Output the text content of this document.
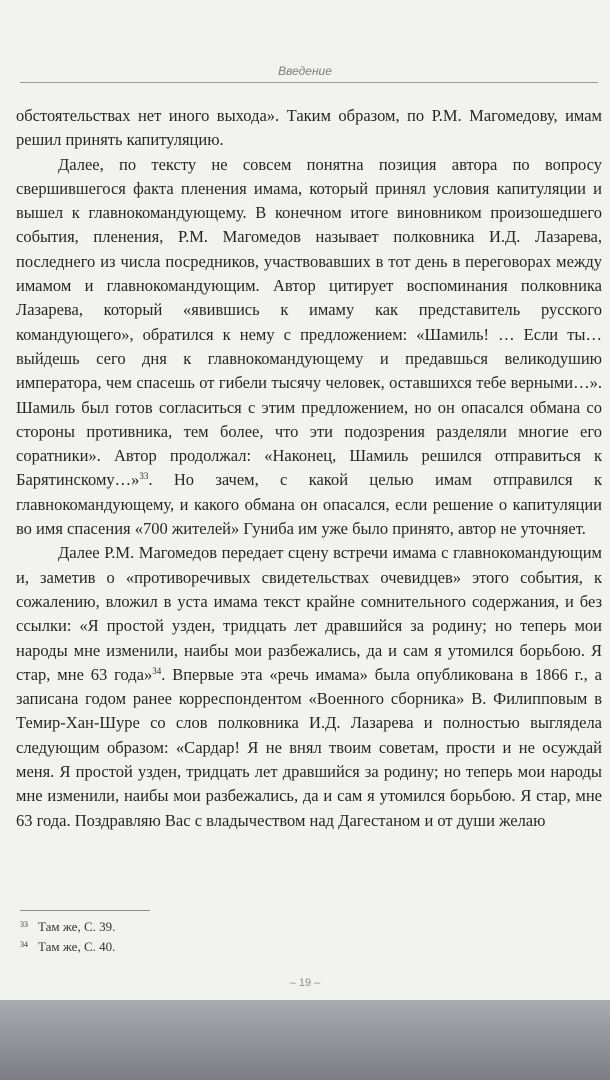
Введение

обстоятельствах нет иного выхода». Таким образом, по Р.М. Магомедову, имам решил принять капитуляцию.

Далее, по тексту не совсем понятна позиция автора по вопросу свершившегося факта пленения имама, который принял условия капитуляции и вышел к главнокомандующему. В конечном итоге виновником произошедшего события, пленения, Р.М. Магомедов называет полковника И.Д. Лазарева, последнего из числа посредников, участвовавших в тот день в переговорах между имамом и главнокомандующим. Автор цитирует воспоминания полковника Лазарева, который «явившись к имаму как представитель русского командующего», обратился к нему с предложением: «Шамиль! … Если ты… выйдешь сего дня к главнокомандующему и предавшься великодушию императора, чем спасешь от гибели тысячу человек, оставшихся тебе верными…». Шамиль был готов согласиться с этим предложением, но он опасался обмана со стороны противника, тем более, что эти подозрения разделяли многие его соратники». Автор продолжал: «Наконец, Шамиль решился отправиться к Барятинскому…»$^{33}$. Но зачем, с какой целью имам отправился к главнокомандующему, и какого обмана он опасался, если решение о капитуляции во имя спасения «700 жителей» Гуниба им уже было принято, автор не уточняет.

Далее Р.М. Магомедов передает сцену встречи имама с главнокомандующим и, заметив о «противоречивых свидетельствах очевидцев» этого события, к сожалению, вложил в уста имама текст крайне сомнительного содержания, и без ссылки: «Я простой узден, тридцать лет дравшийся за родину; но теперь мои народы мне изменили, наибы мои разбежались, да и сам я утомился борьбою. Я стар, мне 63 года»$^{34}$. Впервые эта «речь имама» была опубликована в 1866 г., а записана годом ранее корреспондентом «Военного сборника» В. Филипповым в Темир-Хан-Шуре со слов полковника И.Д. Лазарева и полностью выглядела следующим образом: «Сардар! Я не внял твоим советам, прости и не осуждай меня. Я простой узден, тридцать лет дравшийся за родину; но теперь мои народы мне изменили, наибы мои разбежались, да и сам я утомился борьбою. Я стар, мне 63 года. Поздравляю Вас с владычеством над Дагестаном и от души желаю

$^{33}$ Там же, С. 39.
$^{34}$ Там же, С. 40.
– 19 –
